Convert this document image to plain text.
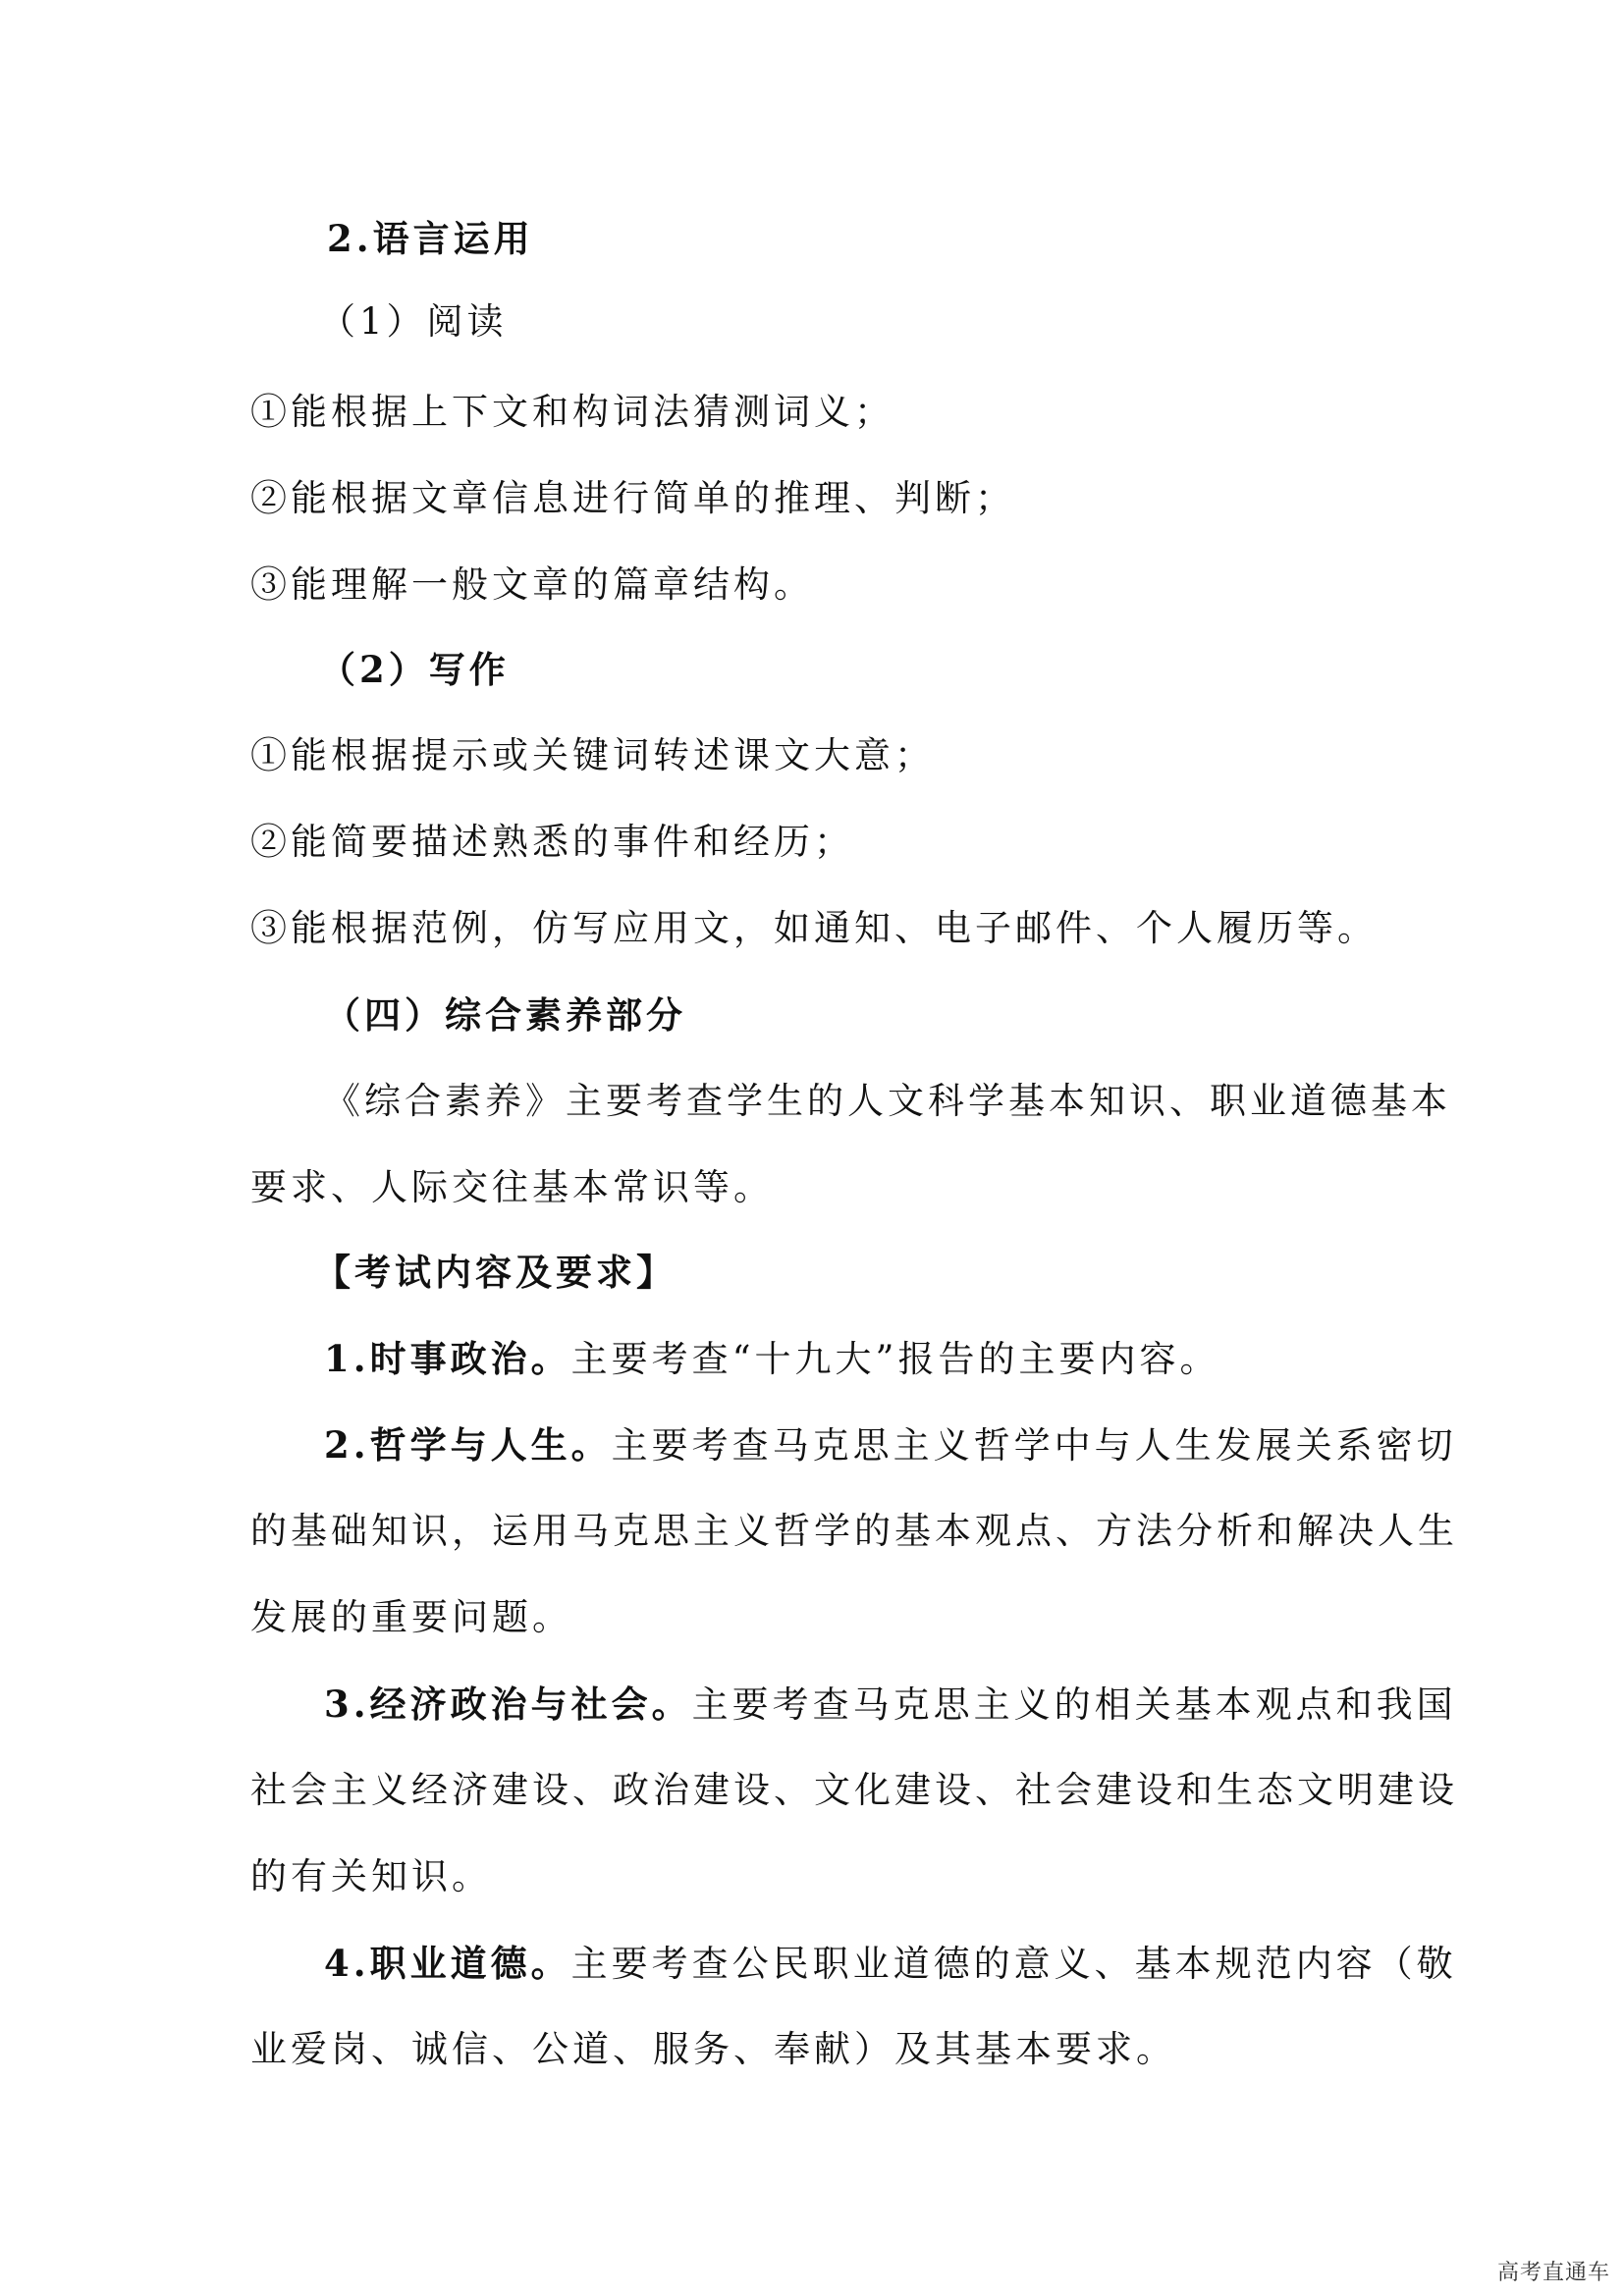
2.语言运用
（1）阅读
①能根据上下文和构词法猜测词义；
②能根据文章信息进行简单的推理、判断；
③能理解一般文章的篇章结构。
（2）写作
①能根据提示或关键词转述课文大意；
②能简要描述熟悉的事件和经历；
③能根据范例，仿写应用文，如通知、电子邮件、个人履历等。
（四）综合素养部分
《综合素养》主要考查学生的人文科学基本知识、职业道德基本
要求、人际交往基本常识等。
【考试内容及要求】
1.时事政治。主要考查“十九大”报告的主要内容。
2.哲学与人生。主要考查马克思主义哲学中与人生发展关系密切
的基础知识，运用马克思主义哲学的基本观点、方法分析和解决人生
发展的重要问题。
3.经济政治与社会。主要考查马克思主义的相关基本观点和我国
社会主义经济建设、政治建设、文化建设、社会建设和生态文明建设
的有关知识。
4.职业道德。主要考查公民职业道德的意义、基本规范内容（敬
业爱岗、诚信、公道、服务、奉献）及其基本要求。
高考直通车
